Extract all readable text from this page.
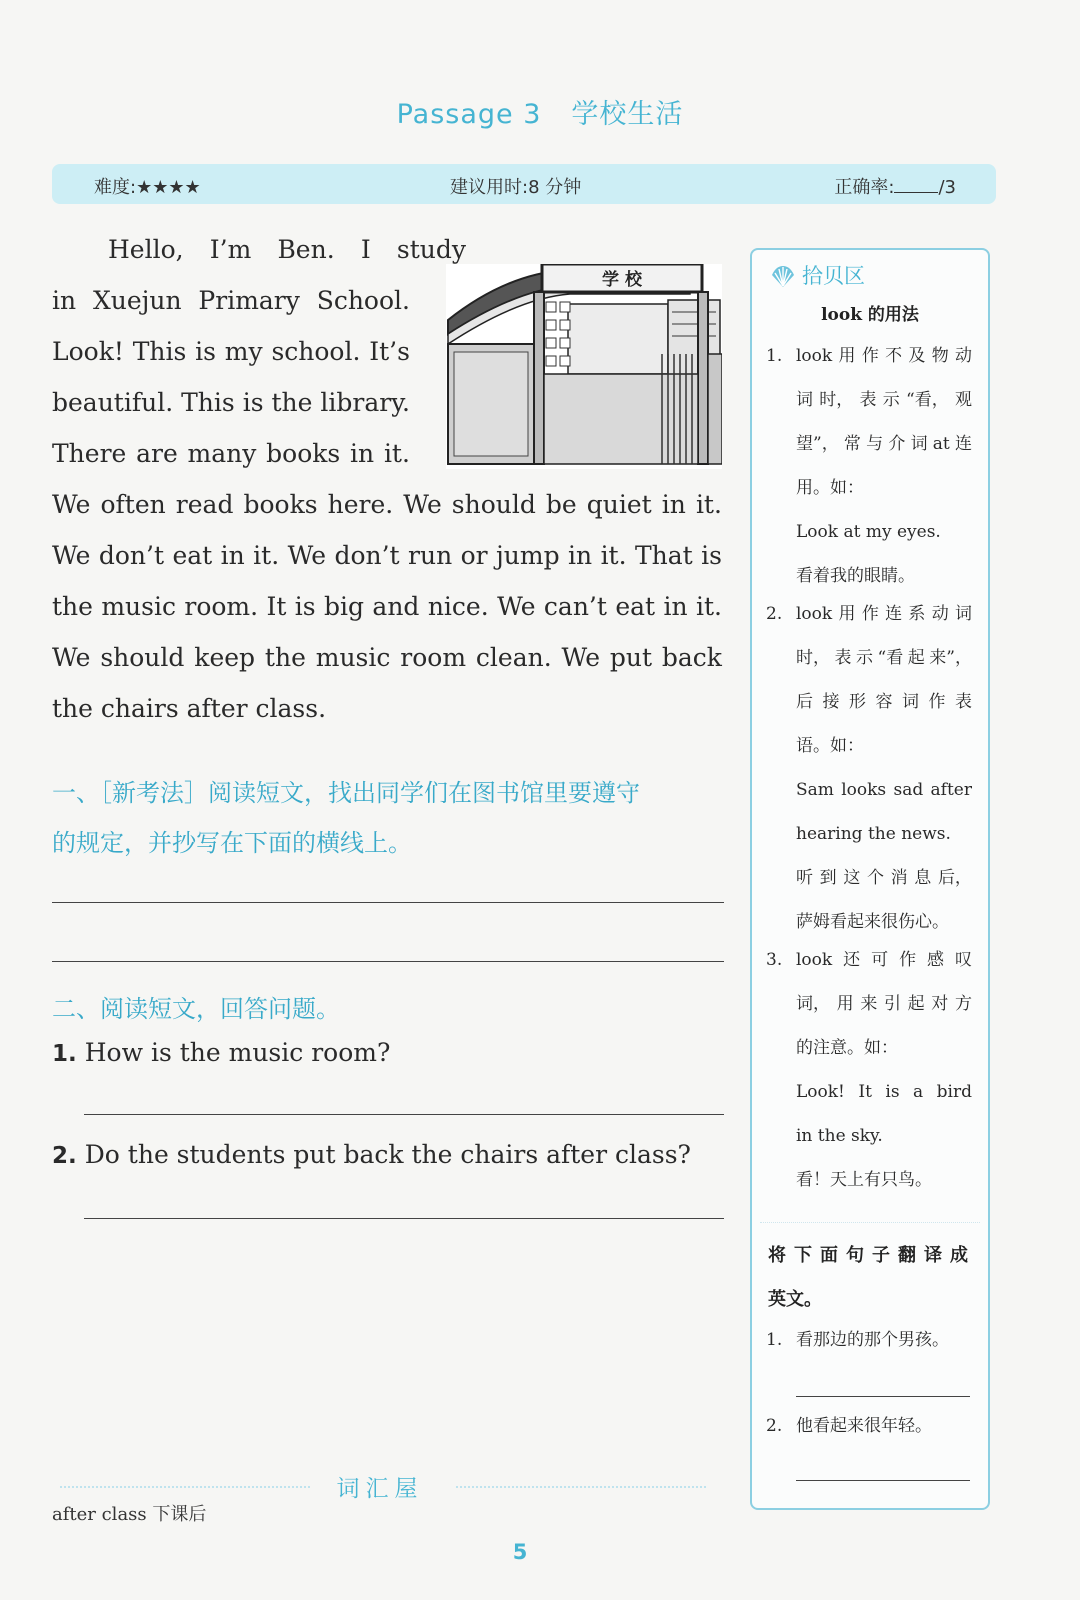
Passage 3 学校生活
难度:★★★★	建议用时:8 分钟	正确率: /3
Hello, I’m Ben. I study
in Xuejun Primary School.
Look! This is my school. It’s
beautiful. This is the library.
There are many books in it.
We often read books here. We should be quiet in it.
We don’t eat in it. We don’t run or jump in it. That is
the music room. It is big and nice. We can’t eat in it.
We should keep the music room clean. We put back
the chairs after class.
学 校
一、［新考法］阅读短文，找出同学们在图书馆里要遵守
的规定，并抄写在下面的横线上。
二、阅读短文，回答问题。
1. How is the music room?
2. Do the students put back the chairs after class?
词汇屋
after class 下课后
5
拾贝区
look 的用法
1. look 用 作 不 及 物 动
词 时， 表 示 “看， 观
望”， 常 与 介 词 at 连
用。如：
Look at my eyes.
看着我的眼睛。
2. look 用 作 连 系 动 词
时， 表 示 “看 起 来”，
后 接 形 容 词 作 表
语。如：
Sam looks sad after
hearing the news.
听 到 这 个 消 息 后，
萨姆看起来很伤心。
3. look 还 可 作 感 叹
词， 用 来 引 起 对 方
的注意。如：
Look! It is a bird
in the sky.
看！天上有只鸟。
将 下 面 句 子 翻 译 成
英文。
1. 看那边的那个男孩。
2. 他看起来很年轻。
